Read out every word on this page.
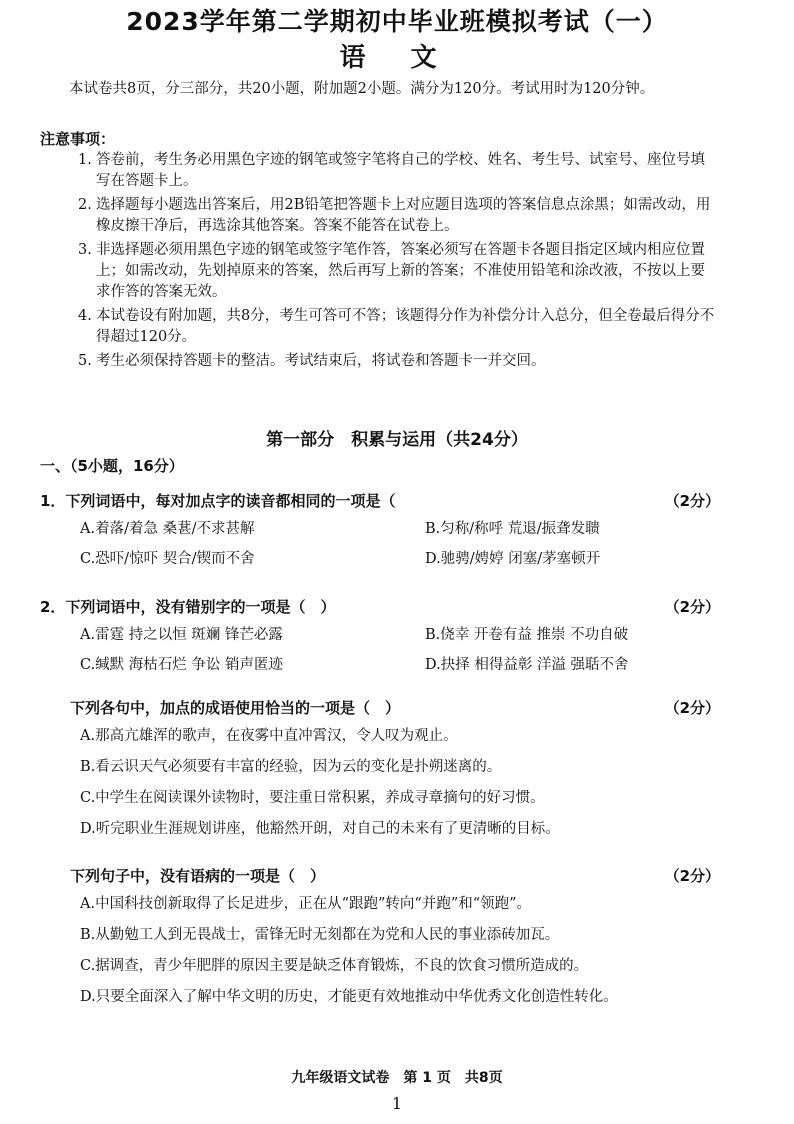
2023学年第二学期初中毕业班模拟考试（一）
语 文
本试卷共8页，分三部分，共20小题，附加题2小题。满分为120分。考试用时为120分钟。
注意事项：
1. 答卷前，考生务必用黑色字迹的钢笔或签字笔将自己的学校、姓名、考生号、试室号、座位号填写在答题卡上。
2. 选择题每小题选出答案后，用2B铅笔把答题卡上对应题目选项的答案信息点涂黑；如需改动，用橡皮擦干净后，再选涂其他答案。答案不能答在试卷上。
3. 非选择题必须用黑色字迹的钢笔或签字笔作答，答案必须写在答题卡各题目指定区域内相应位置上；如需改动，先划掉原来的答案，然后再写上新的答案；不准使用铅笔和涂改液，不按以上要求作答的答案无效。
4. 本试卷设有附加题，共8分，考生可答可不答；该题得分作为补偿分计入总分，但全卷最后得分不得超过120分。
5. 考生必须保持答题卡的整洁。考试结束后，将试卷和答题卡一并交回。
第一部分　积累与运用（共24分）
一、（5小题，16分）
1．下列词语中，每对加点字的读音都相同的一项是（	（2分）
A.着落/着急 桑葚/不求甚解	B.匀称/称呼 荒退/振聋发聩
C.恐吓/惊吓 契合/锲而不舍	D.驰骋/娉婷 闭塞/茅塞顿开
2．下列词语中，没有错别字的一项是（　）	（2分）
A.雷霆 持之以恒 斑斓 锋芒必露	B.侥幸 开卷有益 推崇 不功自破
C.缄默 海枯石烂 争讼 销声匿迹	D.抉择 相得益彰 洋溢 强聒不舍
下列各句中，加点的成语使用恰当的一项是（　）	（2分）
A.那高亢雄浑的歌声，在夜雾中直冲霄汉，令人叹为观止。
B.看云识天气必须要有丰富的经验，因为云的变化是扑朔迷离的。
C.中学生在阅读课外读物时，要注重日常积累，养成寻章摘句的好习惯。
D.听完职业生涯规划讲座，他豁然开朗，对自己的未来有了更清晰的目标。
下列句子中，没有语病的一项是（　）	（2分）
A.中国科技创新取得了长足进步，正在从“跟跑”转向“并跑”和“领跑”。
B.从勤勉工人到无畏战士，雷锋无时无刻都在为党和人民的事业添砖加瓦。
C.据调查，青少年肥胖的原因主要是缺乏体育锻炼，不良的饮食习惯所造成的。
D.只要全面深入了解中华文明的历史，才能更有效地推动中华优秀文化创造性转化。
九年级语文试卷　第 1 页　共8页
1
